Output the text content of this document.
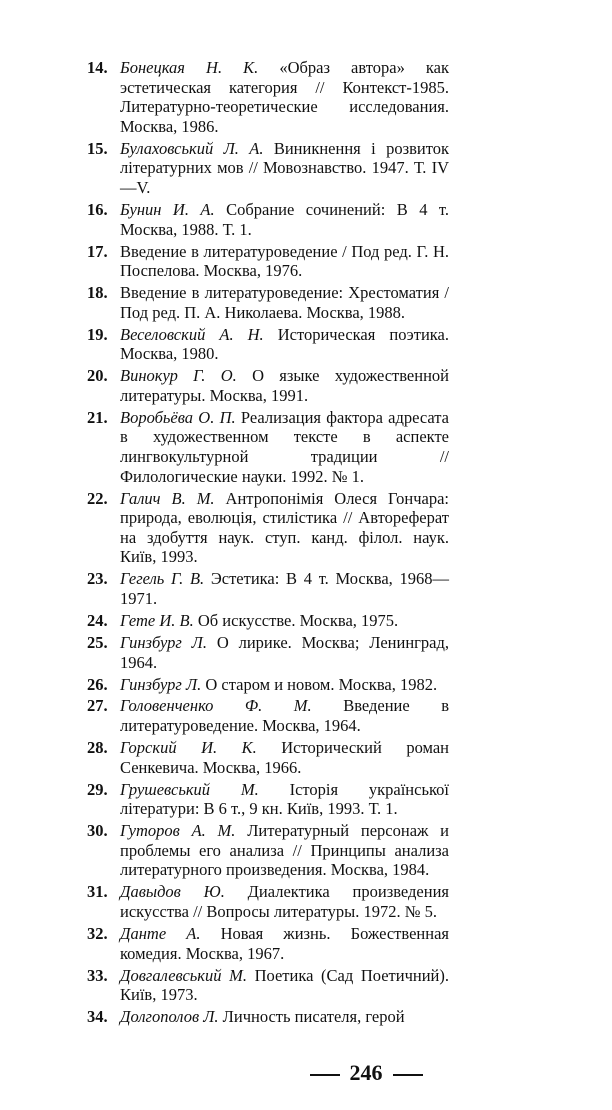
14. Бонецкая Н. К. «Образ автора» как эстетическая категория // Контекст-1985. Литературно-теоретические исследования. Москва, 1986.
15. Булаховський Л. А. Виникнення і розвиток літературних мов // Мовознавство. 1947. Т. IV—V.
16. Бунин И. А. Собрание сочинений: В 4 т. Москва, 1988. Т. 1.
17. Введение в литературоведение / Под ред. Г. Н. Поспелова. Москва, 1976.
18. Введение в литературоведение: Хрестоматия / Под ред. П. А. Николаева. Москва, 1988.
19. Веселовский А. Н. Историческая поэтика. Москва, 1980.
20. Винокур Г. О. О языке художественной литературы. Москва, 1991.
21. Воробьёва О. П. Реализация фактора адресата в художественном тексте в аспекте лингвокультурной традиции // Филологические науки. 1992. № 1.
22. Галич В. М. Антропонімія Олеся Гончара: природа, еволюція, стилістика // Автореферат на здобуття наук. ступ. канд. філол. наук. Київ, 1993.
23. Гегель Г. В. Эстетика: В 4 т. Москва, 1968—1971.
24. Гете И. В. Об искусстве. Москва, 1975.
25. Гинзбург Л. О лирике. Москва; Ленинград, 1964.
26. Гинзбург Л. О старом и новом. Москва, 1982.
27. Головенченко Ф. М. Введение в литературоведение. Москва, 1964.
28. Горский И. К. Исторический роман Сенкевича. Москва, 1966.
29. Грушевський М. Історія української літератури: В 6 т., 9 кн. Київ, 1993. Т. 1.
30. Гуторов А. М. Литературный персонаж и проблемы его анализа // Принципы анализа литературного произведения. Москва, 1984.
31. Давыдов Ю. Диалектика произведения искусства // Вопросы литературы. 1972. № 5.
32. Данте А. Новая жизнь. Божественная комедия. Москва, 1967.
33. Довгалевський М. Поетика (Сад Поетичний). Київ, 1973.
34. Долгополов Л. Личность писателя, герой
246
